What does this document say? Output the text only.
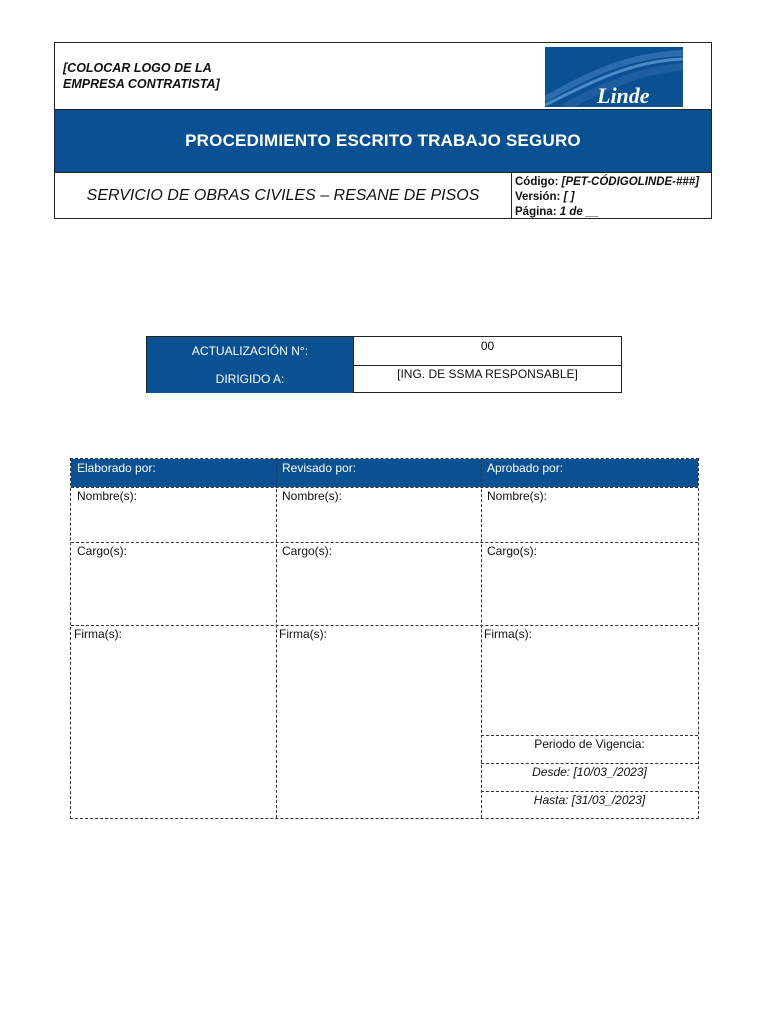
[COLOCAR LOGO DE LA
EMPRESA CONTRATISTA]	Linde
PROCEDIMIENTO ESCRITO TRABAJO SEGURO
SERVICIO DE OBRAS CIVILES – RESANE DE PISOS
Código: [PET-CÓDIGOLINDE-###]
Versión: [ ]
Página: 1 de __
ACTUALIZACIÓN N°:	00
DIRIGIDO A:	[ING. DE SSMA RESPONSABLE]
Elaborado por:	Revisado por:	Aprobado por:
Nombre(s):	Nombre(s):	Nombre(s):
Cargo(s):	Cargo(s):	Cargo(s):
Firma(s):	Firma(s):	Firma(s):
Periodo de Vigencia:
Desde: [10/03_/2023]
Hasta: [31/03_/2023]
